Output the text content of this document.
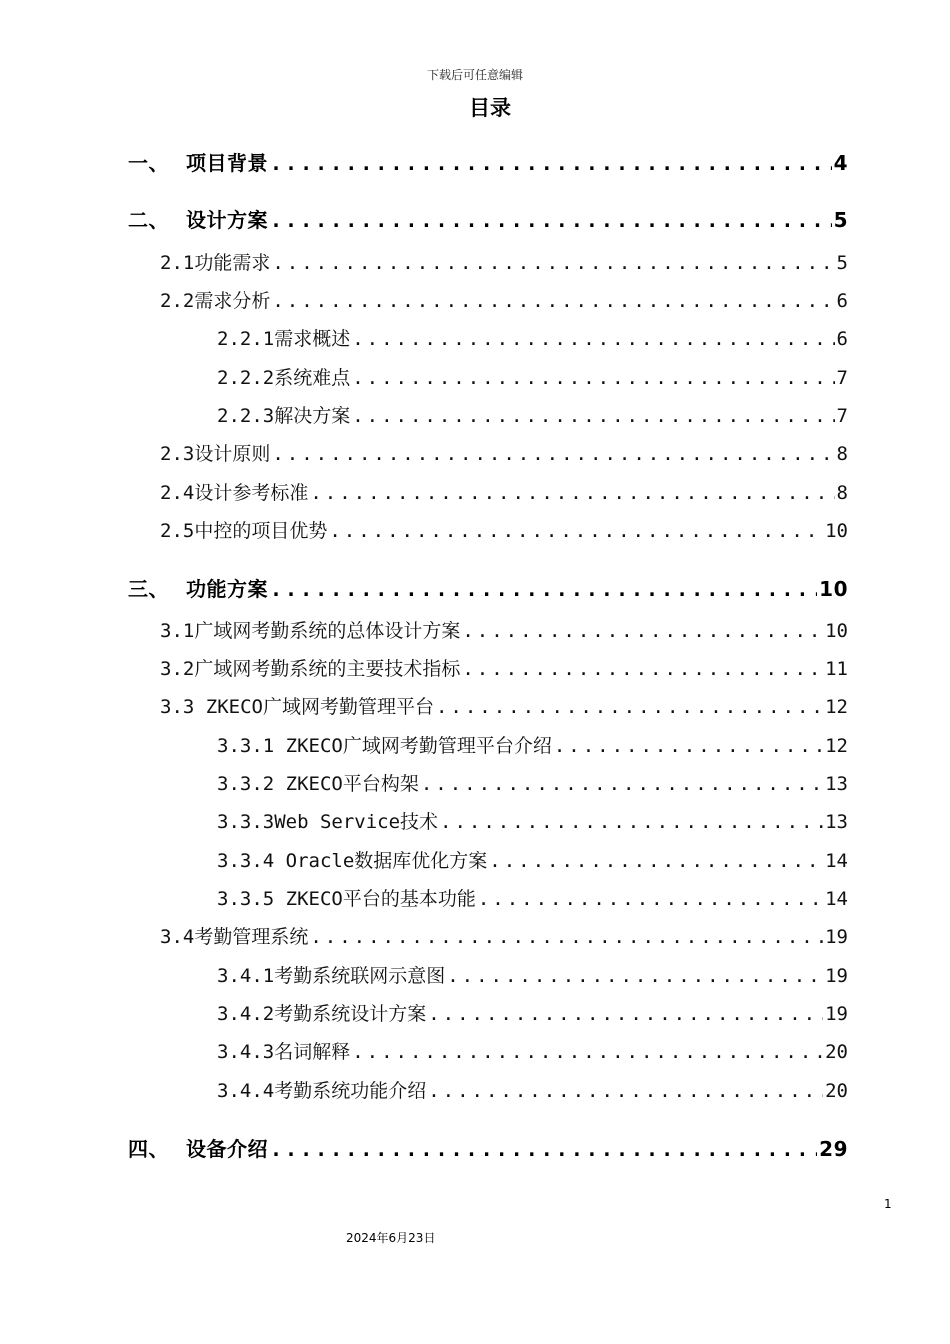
下载后可任意编辑
目录
一、 项目背景 .....	4
二、 设计方案 .....	5
2.1 功能需求 .....	5
2.2 需求分析 .....	6
2.2.1 需求概述 .....	6
2.2.2 系统难点 .....	7
2.2.3 解决方案 .....	7
2.3 设计原则 .....	8
2.4 设计参考标准 .....	8
2.5 中控的项目优势 .....	10
三、 功能方案 .....	10
3.1 广域网考勤系统的总体设计方案 .....	10
3.2 广域网考勤系统的主要技术指标 .....	11
3.3 ZKECO 广域网考勤管理平台 .....	12
3.3.1 ZKECO 广域网考勤管理平台介绍 .....	12
3.3.2 ZKECO 平台构架 .....	13
3.3.3Web Service 技术 .....	13
3.3.4 Oracle 数据库优化方案 .....	14
3.3.5 ZKECO 平台的基本功能 .....	14
3.4 考勤管理系统 .....	19
3.4.1 考勤系统联网示意图 .....	19
3.4.2 考勤系统设计方案 .....	19
3.4.3 名词解释 .....	20
3.4.4 考勤系统功能介绍 .....	20
四、 设备介绍 .....	29
1
2024年6月23日
